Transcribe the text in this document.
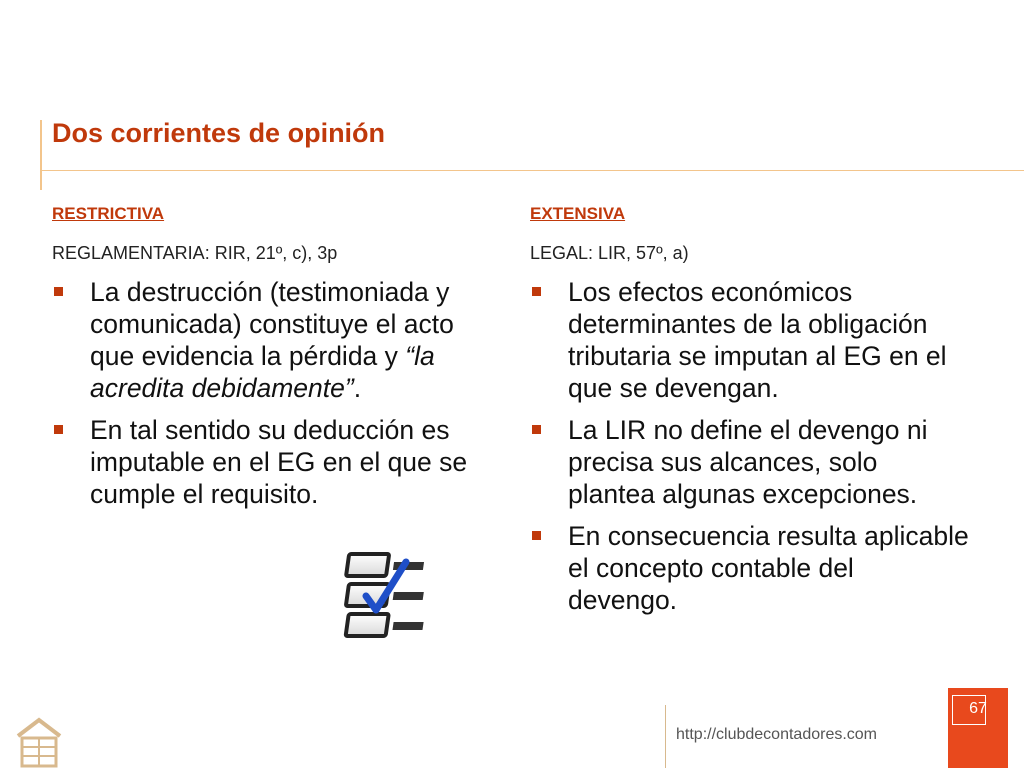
Dos corrientes de opinión
RESTRICTIVA
REGLAMENTARIA: RIR, 21º, c), 3p
La destrucción (testimoniada y comunicada) constituye el acto que evidencia la pérdida y “la acredita debidamente”.
En tal sentido su deducción es imputable en el EG en el que se cumple el requisito.
EXTENSIVA
LEGAL: LIR, 57º, a)
Los efectos económicos determinantes de la obligación tributaria se imputan al EG en el que se devengan.
La LIR no define el devengo ni precisa sus alcances, solo plantea algunas excepciones.
En consecuencia resulta aplicable el concepto contable del devengo.
http://clubdecontadores.com
67
